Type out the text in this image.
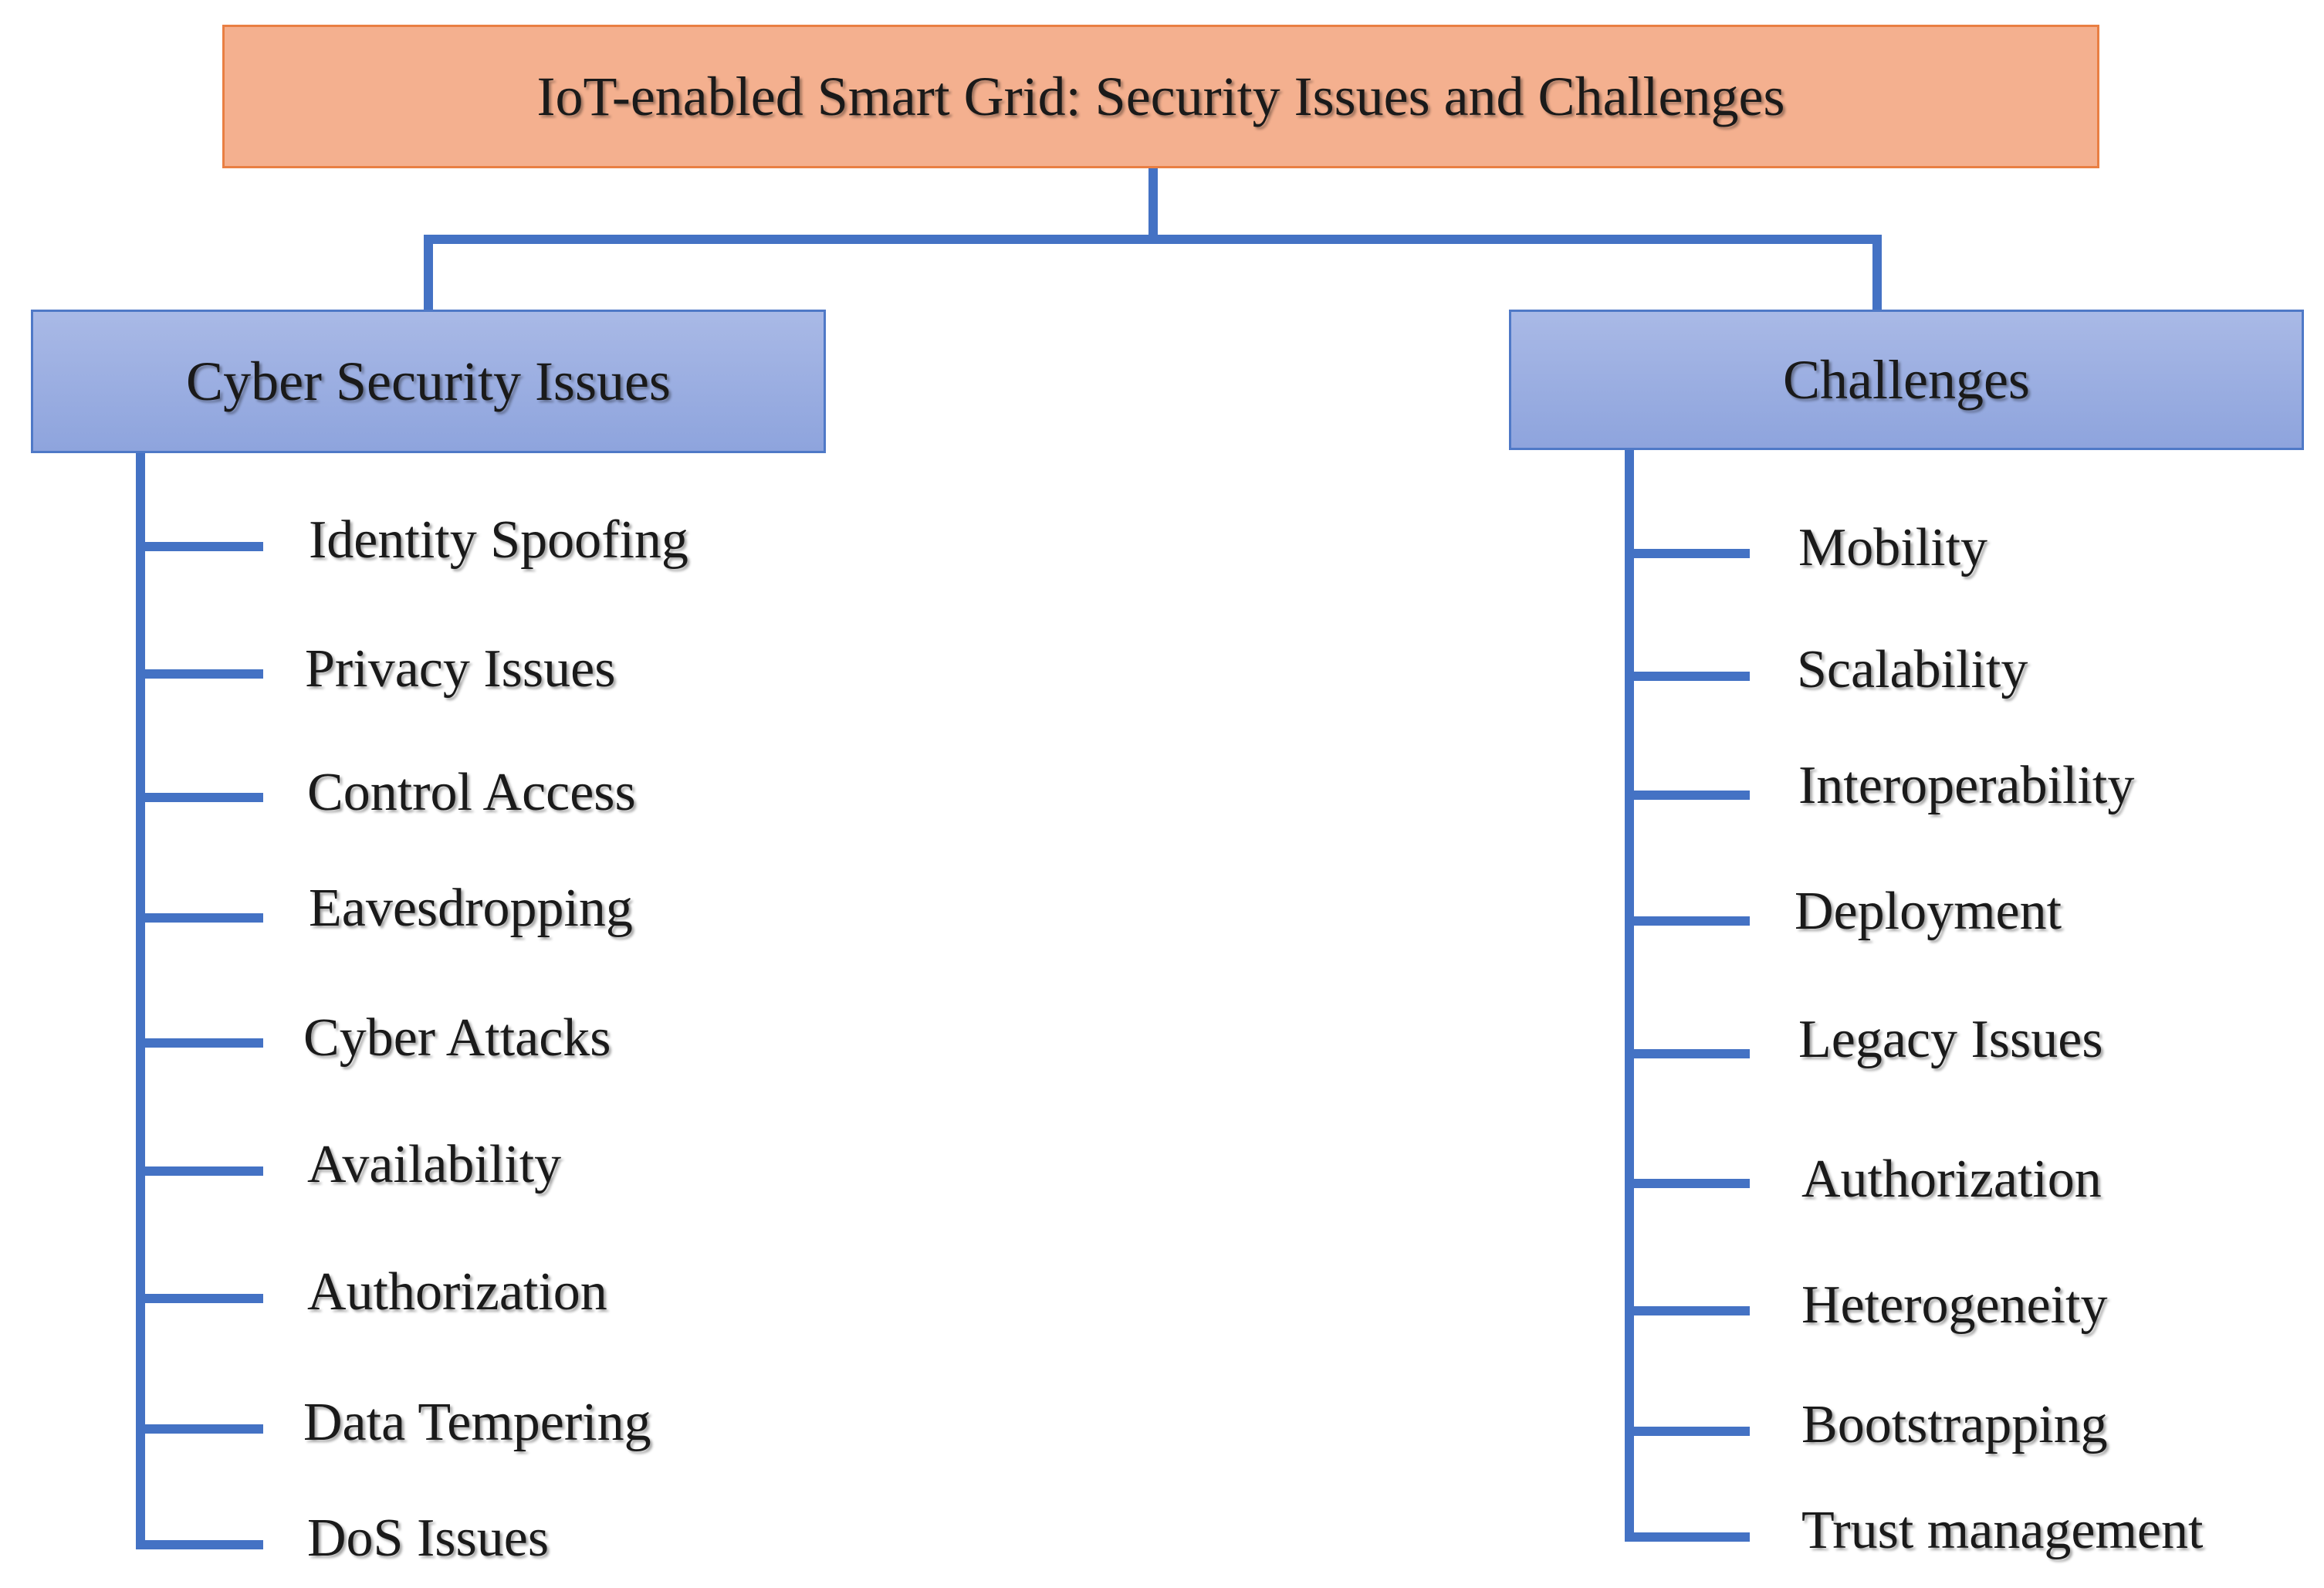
IoT-enabled Smart Grid: Security Issues and Challenges
Cyber Security Issues	Challenges
Identity Spoofing
Privacy Issues
Control Access
Eavesdropping
Cyber Attacks
Availability
Authorization
Data Tempering
DoS Issues
Mobility
Scalability
Interoperability
Deployment
Legacy Issues
Authorization
Heterogeneity
Bootstrapping
Trust management
